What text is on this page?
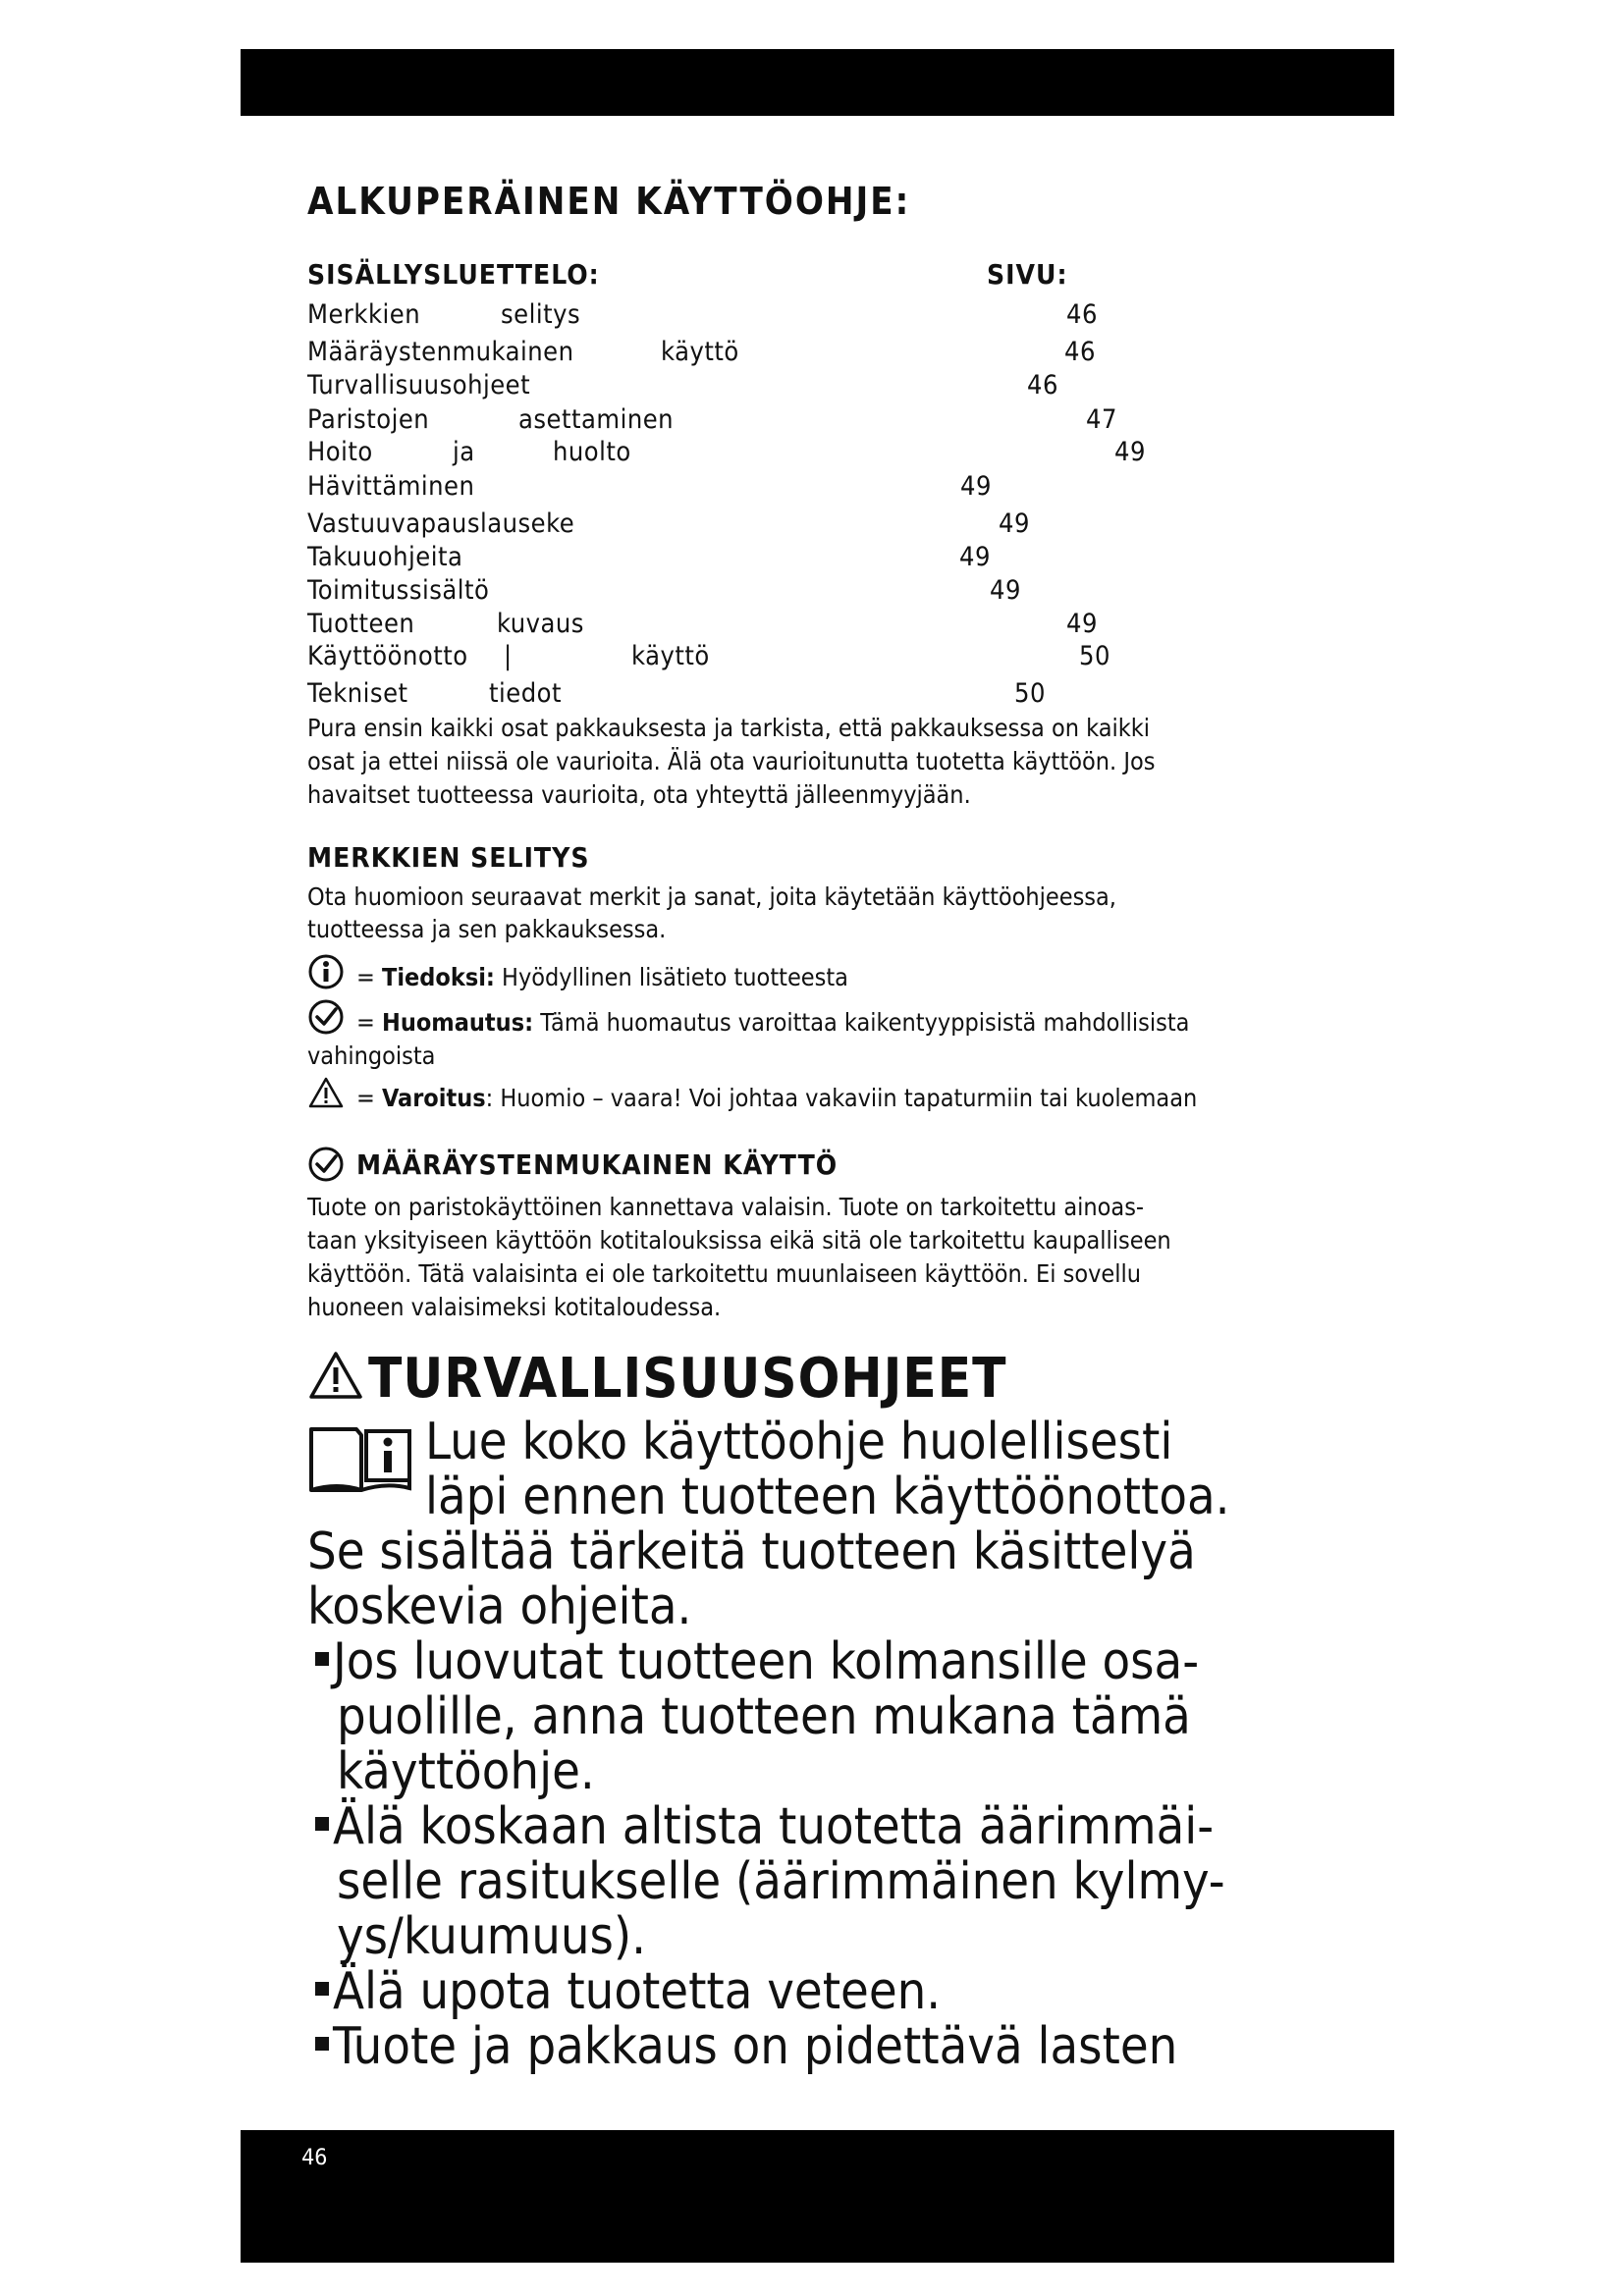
ALKUPERÄINEN KÄYTTÖOHJE:
SISÄLLYSLUETTELO:	SIVU:
Merkkien	selitys	46
Määräystenmukainen	käyttö	46
Turvallisuusohjeet	46
Paristojen	asettaminen	47
Hoito	ja	huolto	49
Hävittäminen	49
Vastuuvapauslauseke	49
Takuuohjeita	49
Toimitussisältö	49
Tuotteen	kuvaus	49
Käyttöönotto |	käyttö	50
Tekniset	tiedot	50
Pura ensin kaikki osat pakkauksesta ja tarkista, että pakkauksessa on kaikki
osat ja ettei niissä ole vaurioita. Älä ota vaurioitunutta tuotetta käyttöön. Jos
havaitset tuotteessa vaurioita, ota yhteyttä jälleenmyyjään.
MERKKIEN SELITYS
Ota huomioon seuraavat merkit ja sanat, joita käytetään käyttöohjeessa,
tuotteessa ja sen pakkauksessa.
= Tiedoksi: Hyödyllinen lisätieto tuotteesta
= Huomautus: Tämä huomautus varoittaa kaikentyyppisistä mahdollisista
vahingoista
= Varoitus: Huomio – vaara! Voi johtaa vakaviin tapaturmiin tai kuolemaan
MÄÄRÄYSTENMUKAINEN KÄYTTÖ
Tuote on paristokäyttöinen kannettava valaisin. Tuote on tarkoitettu ainoas-
taan yksityiseen käyttöön kotitalouksissa eikä sitä ole tarkoitettu kaupalliseen
käyttöön. Tätä valaisinta ei ole tarkoitettu muunlaiseen käyttöön. Ei sovellu
huoneen valaisimeksi kotitaloudessa.
TURVALLISUUSOHJEET
Lue koko käyttöohje huolellisesti
läpi ennen tuotteen käyttöönottoa.
Se sisältää tärkeitä tuotteen käsittelyä
koskevia ohjeita.
Jos luovutat tuotteen kolmansille osa-
puolille, anna tuotteen mukana tämä
käyttöohje.
Älä koskaan altista tuotetta äärimmäi-
selle rasitukselle (äärimmäinen kylmy-
ys/kuumuus).
Älä upota tuotetta veteen.
Tuote ja pakkaus on pidettävä lasten
46
